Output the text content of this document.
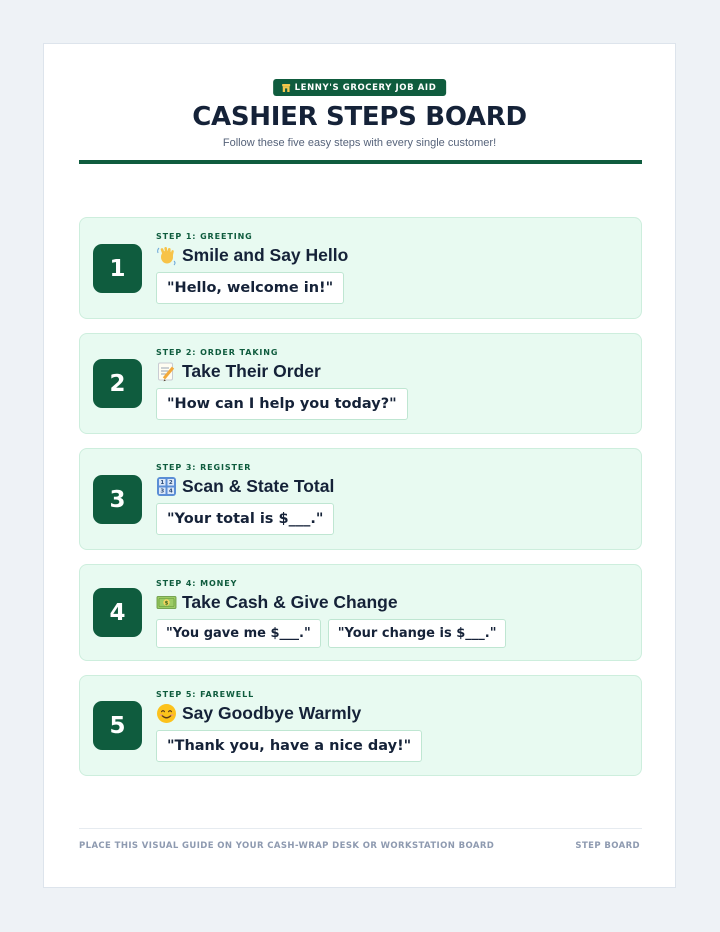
LENNY'S GROCERY JOB AID
CASHIER STEPS BOARD
Follow these five easy steps with every single customer!
1
STEP 1: GREETING
Smile and Say Hello
"Hello, welcome in!"
2
STEP 2: ORDER TAKING
Take Their Order
"How can I help you today?"
3
STEP 3: REGISTER
1 2
3 4 Scan & State Total
"Your total is $___."
4
STEP 4: MONEY
$ Take Cash & Give Change
"You gave me $___."	"Your change is $___."
5
STEP 5: FAREWELL
Say Goodbye Warmly
"Thank you, have a nice day!"
PLACE THIS VISUAL GUIDE ON YOUR CASH-WRAP DESK OR WORKSTATION BOARD	STEP BOARD
